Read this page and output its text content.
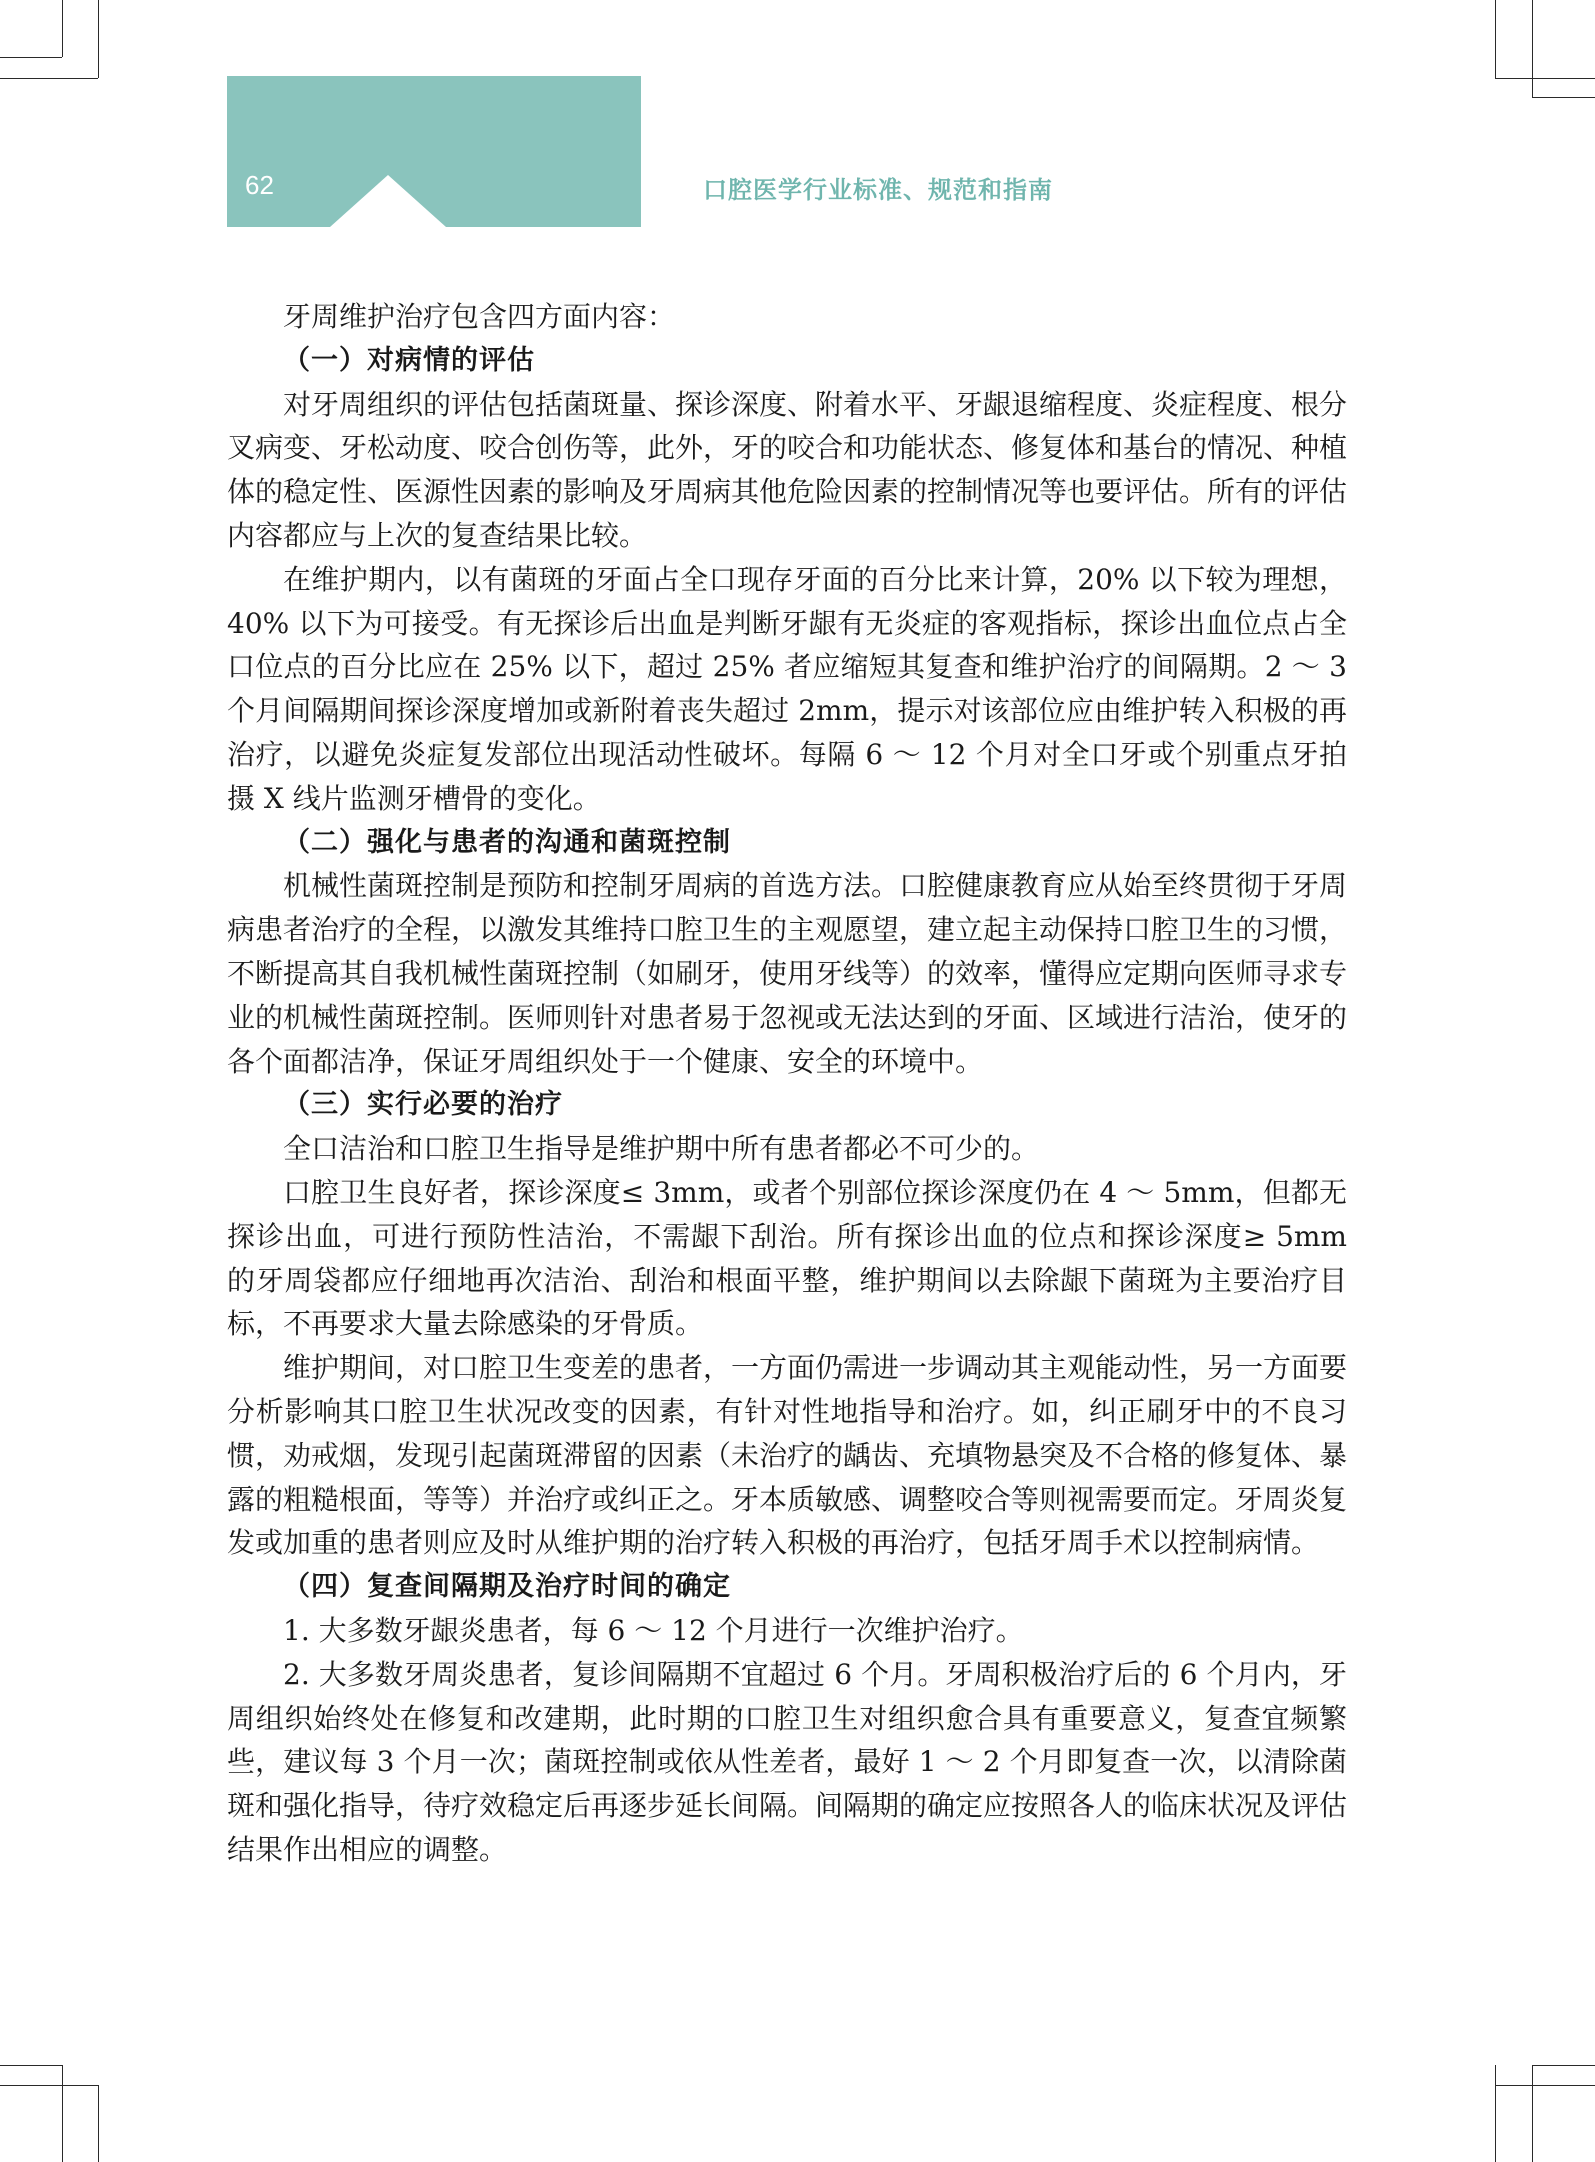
62	口腔医学行业标准、规范和指南

牙周维护治疗包含四方面内容：

（一）对病情的评估

对牙周组织的评估包括菌斑量、探诊深度、附着水平、牙龈退缩程度、炎症程度、根分叉病变、牙松动度、咬合创伤等，此外，牙的咬合和功能状态、修复体和基台的情况、种植体的稳定性、医源性因素的影响及牙周病其他危险因素的控制情况等也要评估。所有的评估内容都应与上次的复查结果比较。

在维护期内，以有菌斑的牙面占全口现存牙面的百分比来计算，20% 以下较为理想，40% 以下为可接受。有无探诊后出血是判断牙龈有无炎症的客观指标，探诊出血位点占全口位点的百分比应在 25% 以下，超过 25% 者应缩短其复查和维护治疗的间隔期。2 ～ 3 个月间隔期间探诊深度增加或新附着丧失超过 2mm，提示对该部位应由维护转入积极的再治疗，以避免炎症复发部位出现活动性破坏。每隔 6 ～ 12 个月对全口牙或个别重点牙拍摄 X 线片监测牙槽骨的变化。

（二）强化与患者的沟通和菌斑控制

机械性菌斑控制是预防和控制牙周病的首选方法。口腔健康教育应从始至终贯彻于牙周病患者治疗的全程，以激发其维持口腔卫生的主观愿望，建立起主动保持口腔卫生的习惯，不断提高其自我机械性菌斑控制（如刷牙，使用牙线等）的效率，懂得应定期向医师寻求专业的机械性菌斑控制。医师则针对患者易于忽视或无法达到的牙面、区域进行洁治，使牙的各个面都洁净，保证牙周组织处于一个健康、安全的环境中。

（三）实行必要的治疗

全口洁治和口腔卫生指导是维护期中所有患者都必不可少的。

口腔卫生良好者，探诊深度≤ 3mm，或者个别部位探诊深度仍在 4 ～ 5mm，但都无探诊出血，可进行预防性洁治，不需龈下刮治。所有探诊出血的位点和探诊深度≥ 5mm 的牙周袋都应仔细地再次洁治、刮治和根面平整，维护期间以去除龈下菌斑为主要治疗目标，不再要求大量去除感染的牙骨质。

维护期间，对口腔卫生变差的患者，一方面仍需进一步调动其主观能动性，另一方面要分析影响其口腔卫生状况改变的因素，有针对性地指导和治疗。如，纠正刷牙中的不良习惯，劝戒烟，发现引起菌斑滞留的因素（未治疗的龋齿、充填物悬突及不合格的修复体、暴露的粗糙根面，等等）并治疗或纠正之。牙本质敏感、调整咬合等则视需要而定。牙周炎复发或加重的患者则应及时从维护期的治疗转入积极的再治疗，包括牙周手术以控制病情。

（四）复查间隔期及治疗时间的确定

1. 大多数牙龈炎患者，每 6 ～ 12 个月进行一次维护治疗。

2. 大多数牙周炎患者，复诊间隔期不宜超过 6 个月。牙周积极治疗后的 6 个月内，牙周组织始终处在修复和改建期，此时期的口腔卫生对组织愈合具有重要意义，复查宜频繁些，建议每 3 个月一次；菌斑控制或依从性差者，最好 1 ～ 2 个月即复查一次，以清除菌斑和强化指导，待疗效稳定后再逐步延长间隔。间隔期的确定应按照各人的临床状况及评估结果作出相应的调整。
